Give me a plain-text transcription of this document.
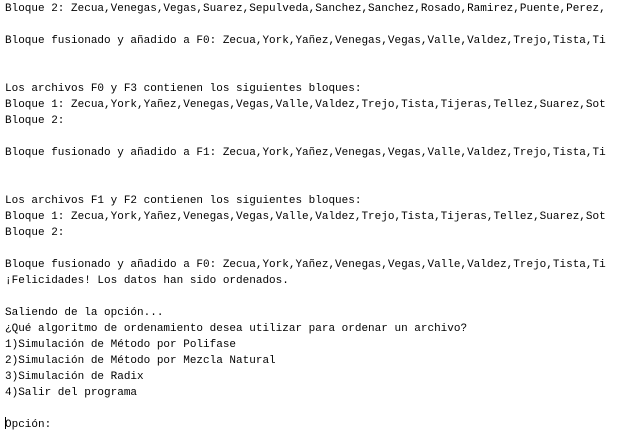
Bloque 2: Zecua,Venegas,Vegas,Suarez,Sepulveda,Sanchez,Sanchez,Rosado,Ramirez,Puente,Perez,
Bloque fusionado y añadido a F0: Zecua,York,Yañez,Venegas,Vegas,Valle,Valdez,Trejo,Tista,Ti
Los archivos F0 y F3 contienen los siguientes bloques:
Bloque 1: Zecua,York,Yañez,Venegas,Vegas,Valle,Valdez,Trejo,Tista,Tijeras,Tellez,Suarez,Sot
Bloque 2:
Bloque fusionado y añadido a F1: Zecua,York,Yañez,Venegas,Vegas,Valle,Valdez,Trejo,Tista,Ti
Los archivos F1 y F2 contienen los siguientes bloques:
Bloque 1: Zecua,York,Yañez,Venegas,Vegas,Valle,Valdez,Trejo,Tista,Tijeras,Tellez,Suarez,Sot
Bloque 2:
Bloque fusionado y añadido a F0: Zecua,York,Yañez,Venegas,Vegas,Valle,Valdez,Trejo,Tista,Ti
¡Felicidades! Los datos han sido ordenados.
Saliendo de la opción...
¿Qué algoritmo de ordenamiento desea utilizar para ordenar un archivo?
1)Simulación de Método por Polifase
2)Simulación de Método por Mezcla Natural
3)Simulación de Radix
4)Salir del programa
Opción:
